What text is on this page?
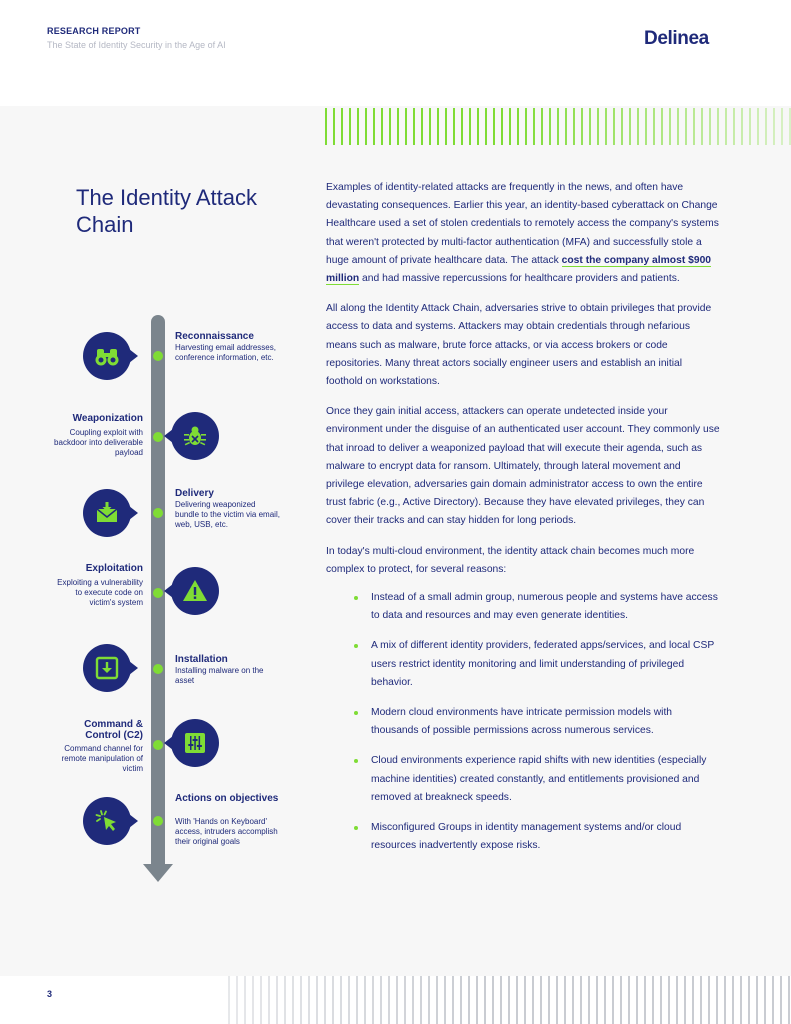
RESEARCH REPORT
The State of Identity Security in the Age of AI	Delinea
The Identity Attack Chain
Reconnaissance
Harvesting email addresses, conference information, etc.
Weaponization
Coupling exploit with backdoor into deliverable payload
Delivery
Delivering weaponized bundle to the victim via email, web, USB, etc.
Exploitation
Exploiting a vulnerability to execute code on victim's system
Installation
Installing malware on the asset
Command & Control (C2)
Command channel for remote manipulation of victim
Actions on objectives
With 'Hands on Keyboard' access, intruders accomplish their original goals

Examples of identity-related attacks are frequently in the news, and often have devastating consequences. Earlier this year, an identity-based cyberattack on Change Healthcare used a set of stolen credentials to remotely access the company's systems that weren't protected by multi-factor authentication (MFA) and successfully stole a huge amount of private healthcare data. The attack cost the company almost $900 million and had massive repercussions for healthcare providers and patients.

All along the Identity Attack Chain, adversaries strive to obtain privileges that provide access to data and systems. Attackers may obtain credentials through nefarious means such as malware, brute force attacks, or via access brokers or code repositories. Many threat actors socially engineer users and establish an initial foothold on workstations.

Once they gain initial access, attackers can operate undetected inside your environment under the disguise of an authenticated user account. They commonly use that inroad to deliver a weaponized payload that will execute their agenda, such as malware to encrypt data for ransom. Ultimately, through lateral movement and privilege elevation, adversaries gain domain administrator access to own the entire trust fabric (e.g., Active Directory). Because they have elevated privileges, they can cover their tracks and can stay hidden for long periods.

In today's multi-cloud environment, the identity attack chain becomes much more complex to protect, for several reasons:

Instead of a small admin group, numerous people and systems have access to data and resources and may even generate identities.
A mix of different identity providers, federated apps/services, and local CSP users restrict identity monitoring and limit understanding of privileged behavior.
Modern cloud environments have intricate permission models with thousands of possible permissions across numerous services.
Cloud environments experience rapid shifts with new identities (especially machine identities) created constantly, and entitlements provisioned and removed at breakneck speeds.
Misconfigured Groups in identity management systems and/or cloud resources inadvertently expose risks.
3
